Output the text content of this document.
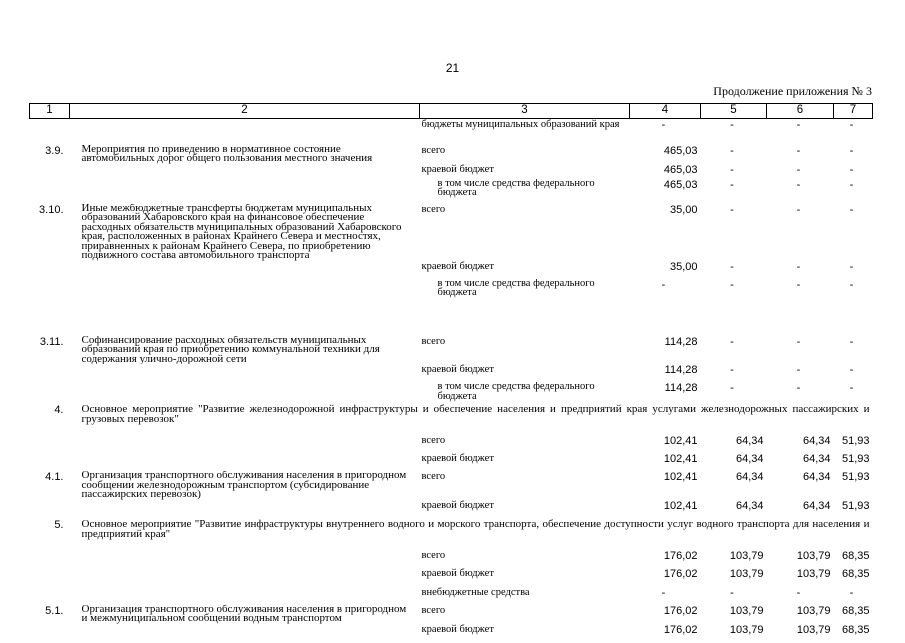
21
Продолжение приложения № 3
1	2	3	4	5	6	7
		бюджеты муниципальных образований края	-	-	-	-
3.9.	Мероприятия по приведению в нормативное состояние автомобильных дорог общего пользования местного значения	всего	465,03	-	-	-
		краевой бюджет	465,03	-	-	-
		в том числе средства федерального бюджета	465,03	-	-	-
3.10.	Иные межбюджетные трансферты бюджетам муниципальных образований Хабаровского края на финансовое обеспечение расходных обязательств муниципальных образований Хабаровского края, расположенных в районах Крайнего Севера и местностях, приравненных к районам Крайнего Севера, по приобретению подвижного состава автомобильного транспорта	всего	35,00	-	-	-
		краевой бюджет	35,00	-	-	-
		в том числе средства федерального бюджета	-	-	-	-
3.11.	Софинансирование расходных обязательств муниципальных образований края по приобретению коммунальной техники для содержания улично-дорожной сети	всего	114,28	-	-	-
		краевой бюджет	114,28	-	-	-
		в том числе средства федерального бюджета	114,28	-	-	-
4.	Основное мероприятие "Развитие железнодорожной инфраструктуры и обеспечение населения и предприятий края услугами железнодорожных пассажирских и грузовых перевозок"					
		всего	102,41	64,34	64,34	51,93
		краевой бюджет	102,41	64,34	64,34	51,93
4.1.	Организация транспортного обслуживания населения в пригородном сообщении железнодорожным транспортом (субсидирование пассажирских перевозок)	всего	102,41	64,34	64,34	51,93
		краевой бюджет	102,41	64,34	64,34	51,93
5.	Основное мероприятие "Развитие инфраструктуры внутреннего водного и морского транспорта, обеспечение доступности услуг водного транспорта для населения и предприятий края"					
		всего	176,02	103,79	103,79	68,35
		краевой бюджет	176,02	103,79	103,79	68,35
		внебюджетные средства	-	-	-	-
5.1.	Организация транспортного обслуживания населения в пригородном и межмуниципальном сообщении водным транспортом	всего	176,02	103,79	103,79	68,35
		краевой бюджет	176,02	103,79	103,79	68,35
